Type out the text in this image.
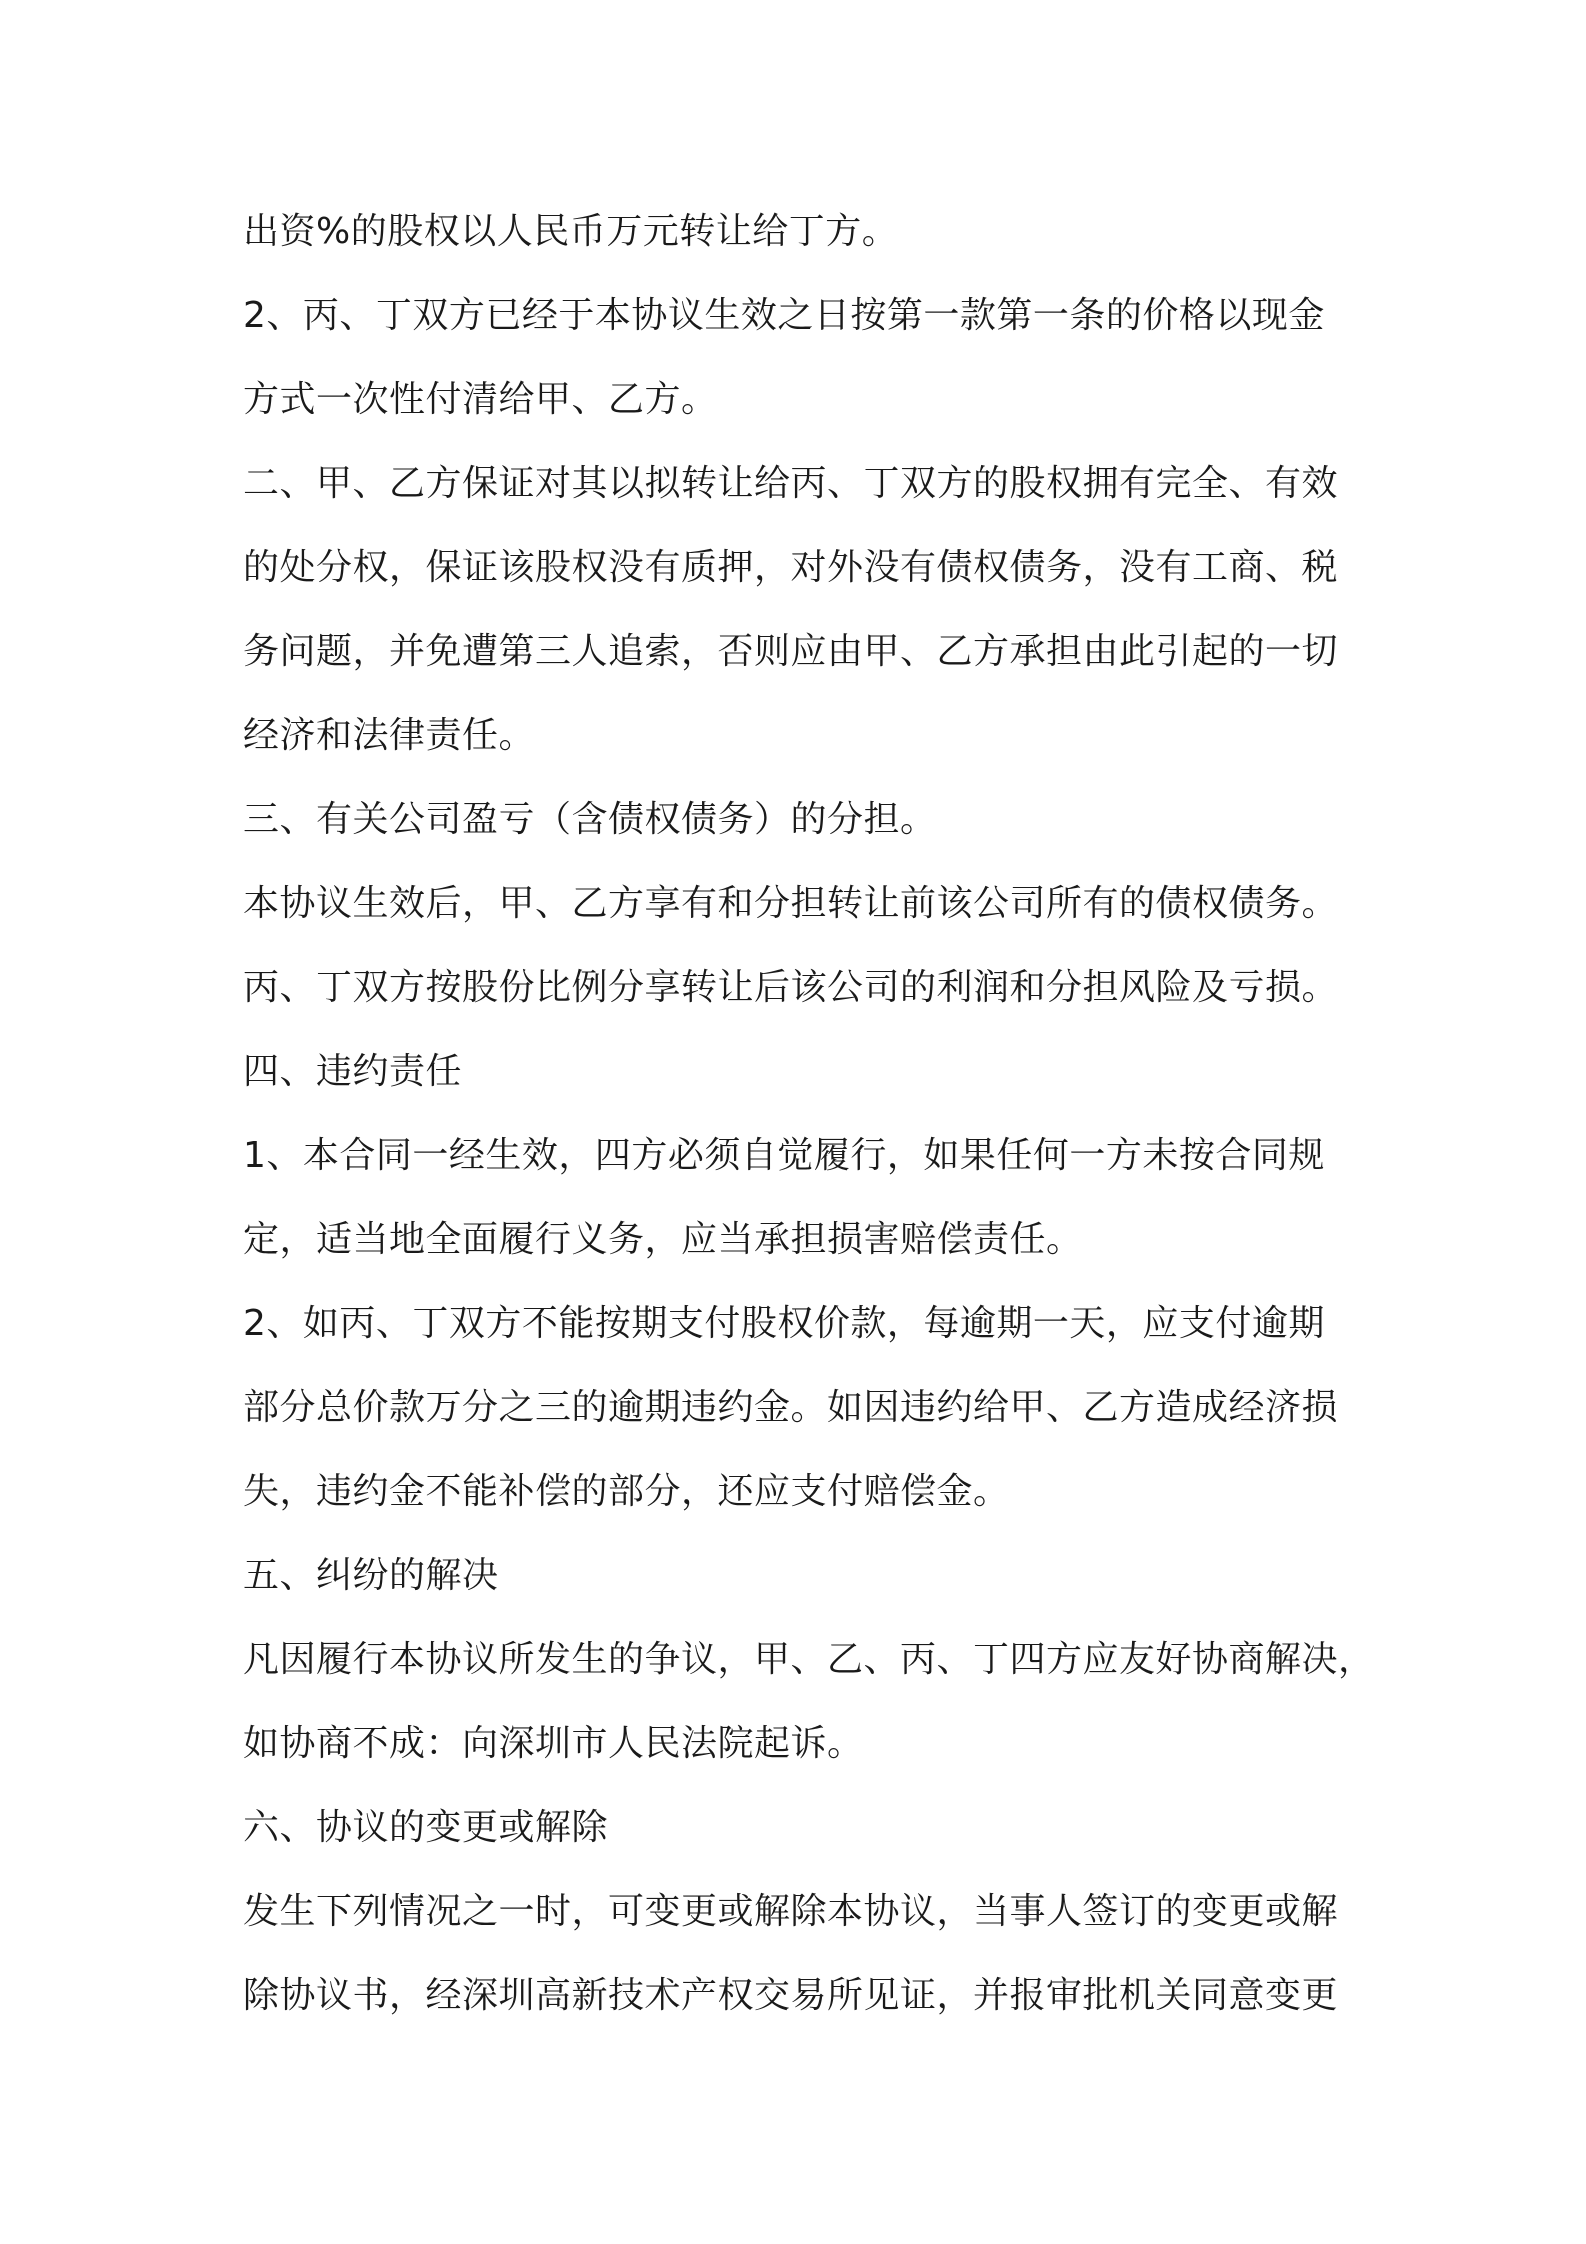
出资%的股权以人民币万元转让给丁方。
2、丙、丁双方已经于本协议生效之日按第一款第一条的价格以现金
方式一次性付清给甲、乙方。
二、甲、乙方保证对其以拟转让给丙、丁双方的股权拥有完全、有效
的处分权，保证该股权没有质押，对外没有债权债务，没有工商、税
务问题，并免遭第三人追索，否则应由甲、乙方承担由此引起的一切
经济和法律责任。
三、有关公司盈亏（含债权债务）的分担。
本协议生效后，甲、乙方享有和分担转让前该公司所有的债权债务。
丙、丁双方按股份比例分享转让后该公司的利润和分担风险及亏损。
四、违约责任
1、本合同一经生效，四方必须自觉履行，如果任何一方未按合同规
定，适当地全面履行义务，应当承担损害赔偿责任。
2、如丙、丁双方不能按期支付股权价款，每逾期一天，应支付逾期
部分总价款万分之三的逾期违约金。如因违约给甲、乙方造成经济损
失，违约金不能补偿的部分，还应支付赔偿金。
五、纠纷的解决
凡因履行本协议所发生的争议，甲、乙、丙、丁四方应友好协商解决，
如协商不成：向深圳市人民法院起诉。
六、协议的变更或解除
发生下列情况之一时，可变更或解除本协议，当事人签订的变更或解
除协议书，经深圳高新技术产权交易所见证，并报审批机关同意变更
